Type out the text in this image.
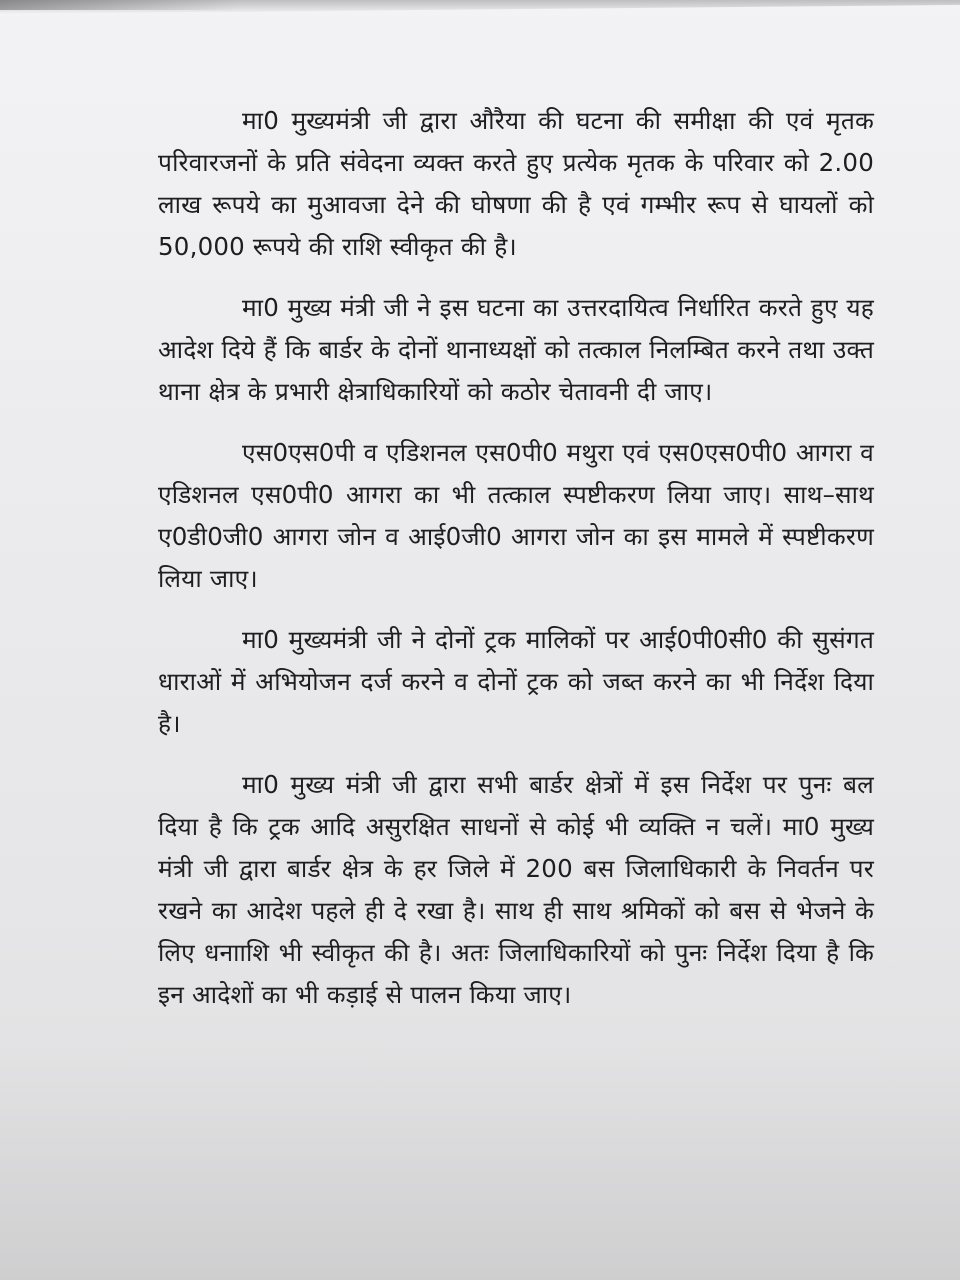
मा0 मुख्यमंत्री जी द्वारा औरैया की घटना की समीक्षा की एवं मृतक परिवारजनों के प्रति संवेदना व्यक्त करते हुए प्रत्येक मृतक के परिवार को 2.00 लाख रूपये का मुआवजा देने की घोषणा की है एवं गम्भीर रूप से घायलों को 50,000 रूपये की राशि स्वीकृत की है।

मा0 मुख्य मंत्री जी ने इस घटना का उत्तरदायित्व निर्धारित करते हुए यह आदेश दिये हैं कि बार्डर के दोनों थानाध्यक्षों को तत्काल निलम्बित करने तथा उक्त थाना क्षेत्र के प्रभारी क्षेत्राधिकारियों को कठोर चेतावनी दी जाए।

एस0एस0पी व एडिशनल एस0पी0 मथुरा एवं एस0एस0पी0 आगरा व एडिशनल एस0पी0 आगरा का भी तत्काल स्पष्टीकरण लिया जाए। साथ–साथ ए0डी0जी0 आगरा जोन व आई0जी0 आगरा जोन का इस मामले में स्पष्टीकरण लिया जाए।

मा0 मुख्यमंत्री जी ने दोनों ट्रक मालिकों पर आई0पी0सी0 की सुसंगत धाराओं में अभियोजन दर्ज करने व दोनों ट्रक को जब्त करने का भी निर्देश दिया है।

मा0 मुख्य मंत्री जी द्वारा सभी बार्डर क्षेत्रों में इस निर्देश पर पुनः बल दिया है कि ट्रक आदि असुरक्षित साधनों से कोई भी व्यक्ति न चलें। मा0 मुख्य मंत्री जी द्वारा बार्डर क्षेत्र के हर जिले में 200 बस जिलाधिकारी के निवर्तन पर रखने का आदेश पहले ही दे रखा है। साथ ही साथ श्रमिकों को बस से भेजने के लिए धनााशि भी स्वीकृत की है। अतः जिलाधिकारियों को पुनः निर्देश दिया है कि इन आदेशों का भी कड़ाई से पालन किया जाए।
